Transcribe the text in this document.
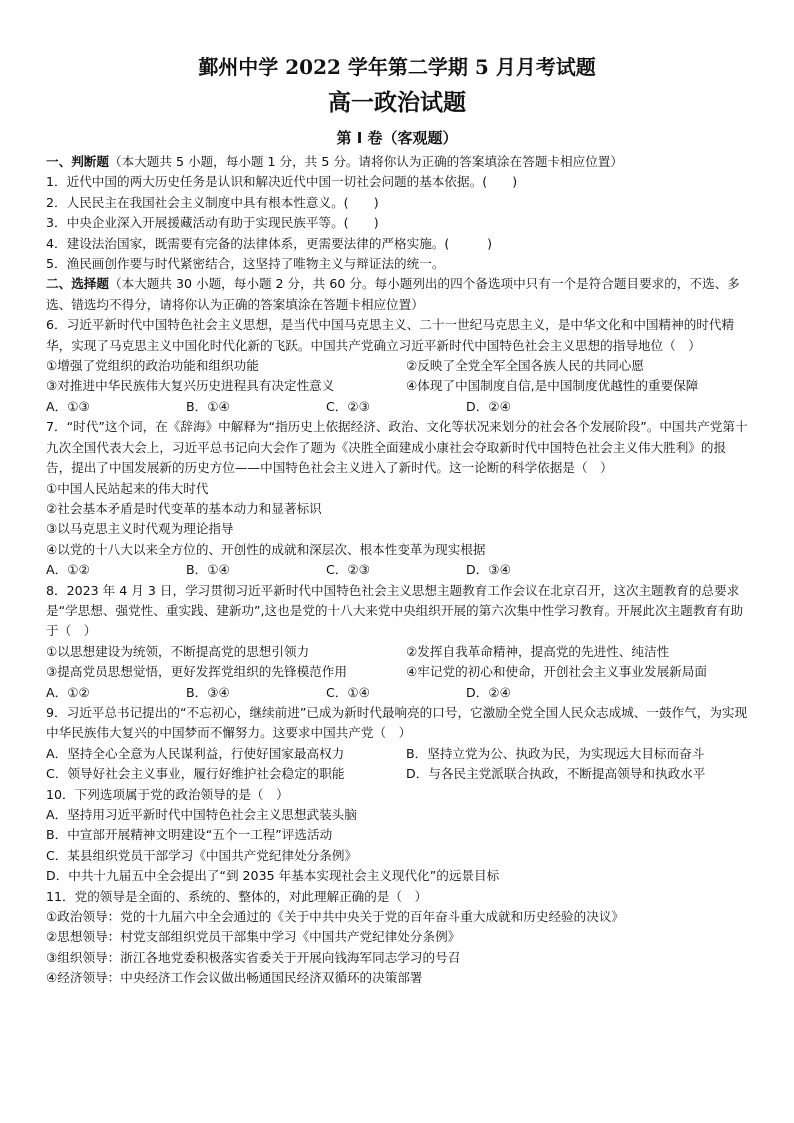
鄞州中学 2022 学年第二学期 5 月月考试题
高一政治试题
第 I 卷（客观题）

一、判断题（本大题共 5 小题，每小题 1 分，共 5 分。请将你认为正确的答案填涂在答题卡相应位置）

1．近代中国的两大历史任务是认识和解决近代中国一切社会问题的基本依据。(　　)

2．人民民主在我国社会主义制度中具有根本性意义。(　　)

3．中央企业深入开展援藏活动有助于实现民族平等。(　　)

4．建设法治国家，既需要有完备的法律体系，更需要法律的严格实施。(　　　)

5．渔民画创作要与时代紧密结合，这坚持了唯物主义与辩证法的统一。

二、选择题（本大题共 30 小题，每小题 2 分，共 60 分。每小题列出的四个备选项中只有一个是符合题目要求的，不选、多选、错选均不得分，请将你认为正确的答案填涂在答题卡相应位置）

6．习近平新时代中国特色社会主义思想，是当代中国马克思主义、二十一世纪马克思主义，是中华文化和中国精神的时代精华，实现了马克思主义中国化时代化新的飞跃。中国共产党确立习近平新时代中国特色社会主义思想的指导地位（　）

①增强了党组织的政治功能和组织功能	②反映了全党全军全国各族人民的共同心愿
③对推进中华民族伟大复兴历史进程具有决定性意义	④体现了中国制度自信,是中国制度优越性的重要保障
A．①③	B．①④	C．②③	D．②④

7．“时代”这个词，在《辞海》中解释为“指历史上依据经济、政治、文化等状况来划分的社会各个发展阶段”。中国共产党第十九次全国代表大会上，习近平总书记向大会作了题为《决胜全面建成小康社会夺取新时代中国特色社会主义伟大胜利》的报告，提出了中国发展新的历史方位——中国特色社会主义进入了新时代。这一论断的科学依据是（　）

①中国人民站起来的伟大时代

②社会基本矛盾是时代变革的基本动力和显著标识

③以马克思主义时代观为理论指导

④以党的十八大以来全方位的、开创性的成就和深层次、根本性变革为现实根据

A．①②	B．①④	C．②③	D．③④

8．2023 年 4 月 3 日，学习贯彻习近平新时代中国特色社会主义思想主题教育工作会议在北京召开，这次主题教育的总要求是“学思想、强党性、重实践、建新功”,这也是党的十八大来党中央组织开展的第六次集中性学习教育。开展此次主题教育有助于（　）

①以思想建设为统领，不断提高党的思想引领力	②发挥自我革命精神，提高党的先进性、纯洁性
③提高党员思想觉悟，更好发挥党组织的先锋模范作用	④牢记党的初心和使命，开创社会主义事业发展新局面
A．①②	B．③④	C．①④	D．②④

9．习近平总书记提出的“不忘初心，继续前进”已成为新时代最响亮的口号，它激励全党全国人民众志成城、一鼓作气，为实现中华民族伟大复兴的中国梦而不懈努力。这要求中国共产党（　）

A．坚持全心全意为人民谋利益，行使好国家最高权力	B．坚持立党为公、执政为民，为实现远大目标而奋斗
C．领导好社会主义事业，履行好维护社会稳定的职能	D．与各民主党派联合执政，不断提高领导和执政水平

10．下列选项属于党的政治领导的是（　）

A．坚持用习近平新时代中国特色社会主义思想武装头脑

B．中宣部开展精神文明建设“五个一工程”评选活动

C．某县组织党员干部学习《中国共产党纪律处分条例》

D．中共十九届五中全会提出了“到 2035 年基本实现社会主义现代化”的远景目标

11．党的领导是全面的、系统的、整体的，对此理解正确的是（　）

①政治领导：党的十九届六中全会通过的《关于中共中央关于党的百年奋斗重大成就和历史经验的决议》

②思想领导：村党支部组织党员干部集中学习《中国共产党纪律处分条例》

③组织领导：浙江各地党委积极落实省委关于开展向钱海军同志学习的号召

④经济领导：中央经济工作会议做出畅通国民经济双循环的决策部署
